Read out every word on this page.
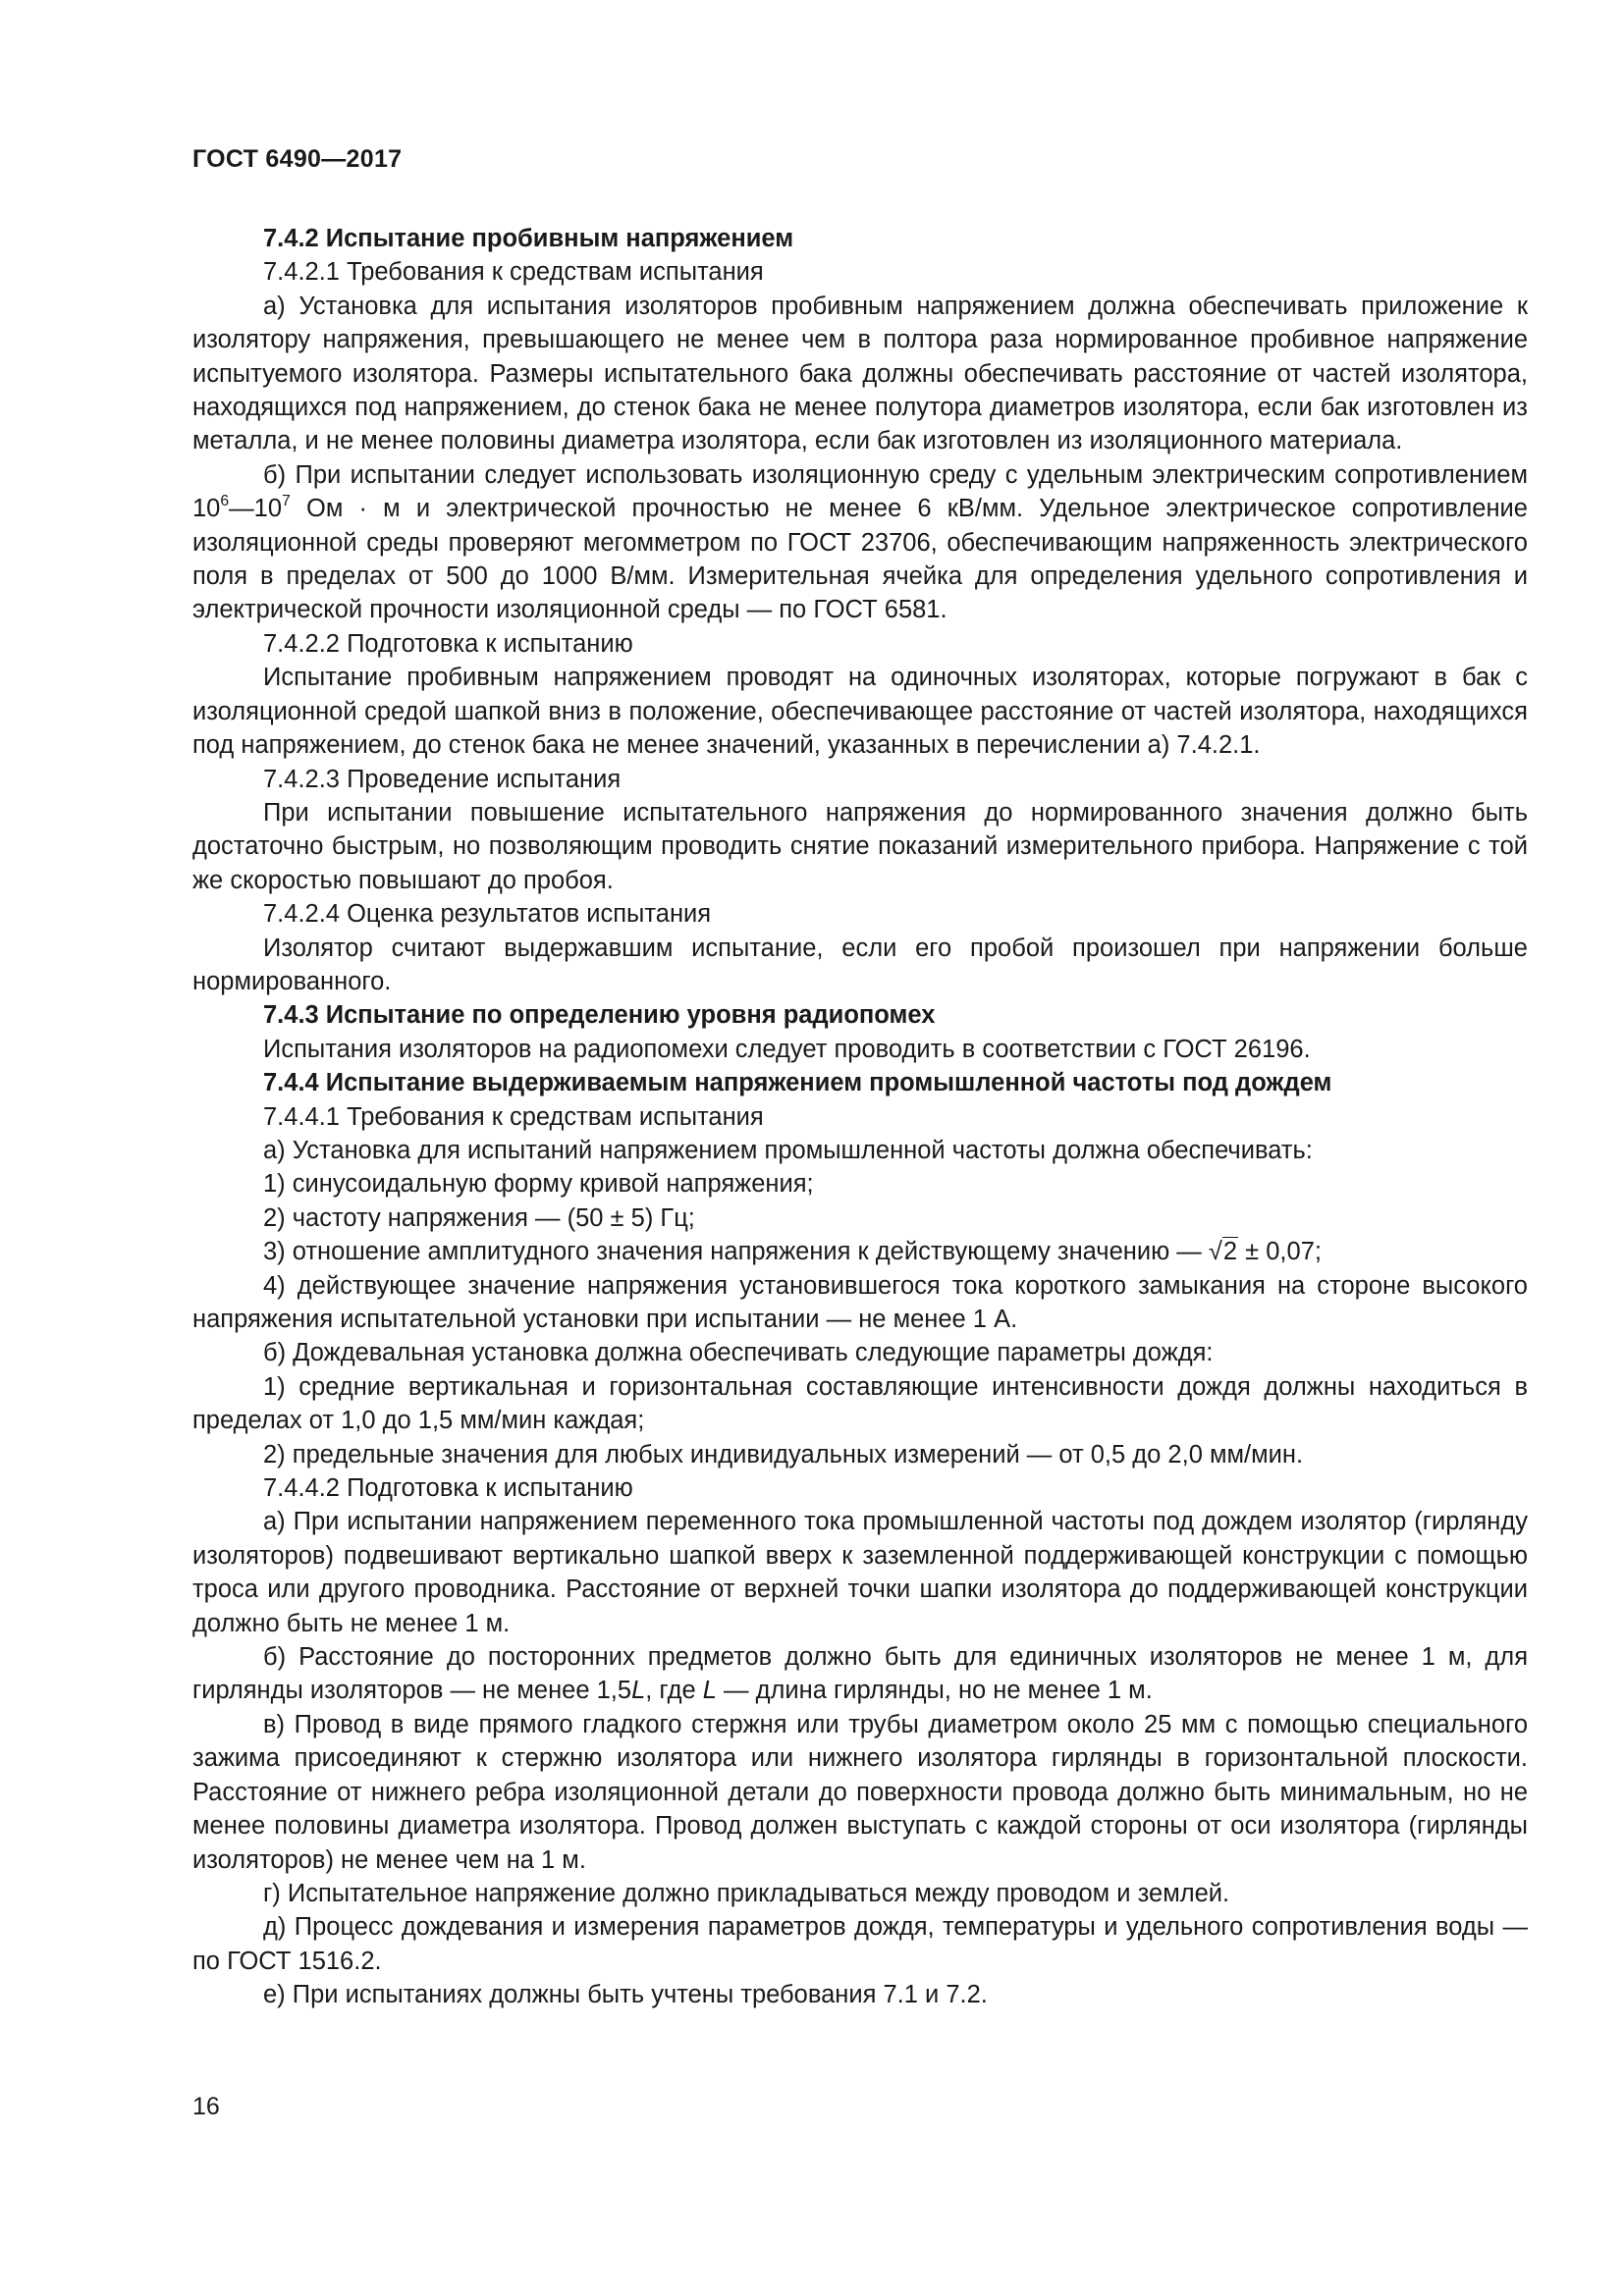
ГОСТ 6490—2017

7.4.2 Испытание пробивным напряжением

7.4.2.1 Требования к средствам испытания

а) Установка для испытания изоляторов пробивным напряжением должна обеспечивать приложение к изолятору напряжения, превышающего не менее чем в полтора раза нормированное пробивное напряжение испытуемого изолятора. Размеры испытательного бака должны обеспечивать расстояние от частей изолятора, находящихся под напряжением, до стенок бака не менее полутора диаметров изолятора, если бак изготовлен из металла, и не менее половины диаметра изолятора, если бак изготовлен из изоляционного материала.

б) При испытании следует использовать изоляционную среду с удельным электрическим сопротивлением $10^6—10^7$ Ом · м и электрической прочностью не менее 6 кВ/мм. Удельное электрическое сопротивление изоляционной среды проверяют мегомметром по ГОСТ 23706, обеспечивающим напряженность электрического поля в пределах от 500 до 1000 В/мм. Измерительная ячейка для определения удельного сопротивления и электрической прочности изоляционной среды — по ГОСТ 6581.

7.4.2.2 Подготовка к испытанию

Испытание пробивным напряжением проводят на одиночных изоляторах, которые погружают в бак с изоляционной средой шапкой вниз в положение, обеспечивающее расстояние от частей изолятора, находящихся под напряжением, до стенок бака не менее значений, указанных в перечислении а) 7.4.2.1.

7.4.2.3 Проведение испытания

При испытании повышение испытательного напряжения до нормированного значения должно быть достаточно быстрым, но позволяющим проводить снятие показаний измерительного прибора. Напряжение с той же скоростью повышают до пробоя.

7.4.2.4 Оценка результатов испытания

Изолятор считают выдержавшим испытание, если его пробой произошел при напряжении больше нормированного.

7.4.3 Испытание по определению уровня радиопомех

Испытания изоляторов на радиопомехи следует проводить в соответствии с ГОСТ 26196.

7.4.4 Испытание выдерживаемым напряжением промышленной частоты под дождем

7.4.4.1 Требования к средствам испытания

а) Установка для испытаний напряжением промышленной частоты должна обеспечивать:

1) синусоидальную форму кривой напряжения;

2) частоту напряжения — (50 ± 5) Гц;

3) отношение амплитудного значения напряжения к действующему значению — √2 ± 0,07;

4) действующее значение напряжения установившегося тока короткого замыкания на стороне высокого напряжения испытательной установки при испытании — не менее 1 А.

б) Дождевальная установка должна обеспечивать следующие параметры дождя:

1) средние вертикальная и горизонтальная составляющие интенсивности дождя должны находиться в пределах от 1,0 до 1,5 мм/мин каждая;

2) предельные значения для любых индивидуальных измерений — от 0,5 до 2,0 мм/мин.

7.4.4.2 Подготовка к испытанию

а) При испытании напряжением переменного тока промышленной частоты под дождем изолятор (гирлянду изоляторов) подвешивают вертикально шапкой вверх к заземленной поддерживающей конструкции с помощью троса или другого проводника. Расстояние от верхней точки шапки изолятора до поддерживающей конструкции должно быть не менее 1 м.

б) Расстояние до посторонних предметов должно быть для единичных изоляторов не менее 1 м, для гирлянды изоляторов — не менее 1,5L, где L — длина гирлянды, но не менее 1 м.

в) Провод в виде прямого гладкого стержня или трубы диаметром около 25 мм с помощью специального зажима присоединяют к стержню изолятора или нижнего изолятора гирлянды в горизонтальной плоскости. Расстояние от нижнего ребра изоляционной детали до поверхности провода должно быть минимальным, но не менее половины диаметра изолятора. Провод должен выступать с каждой стороны от оси изолятора (гирлянды изоляторов) не менее чем на 1 м.

г) Испытательное напряжение должно прикладываться между проводом и землей.

д) Процесс дождевания и измерения параметров дождя, температуры и удельного сопротивления воды — по ГОСТ 1516.2.

е) При испытаниях должны быть учтены требования 7.1 и 7.2.

16
